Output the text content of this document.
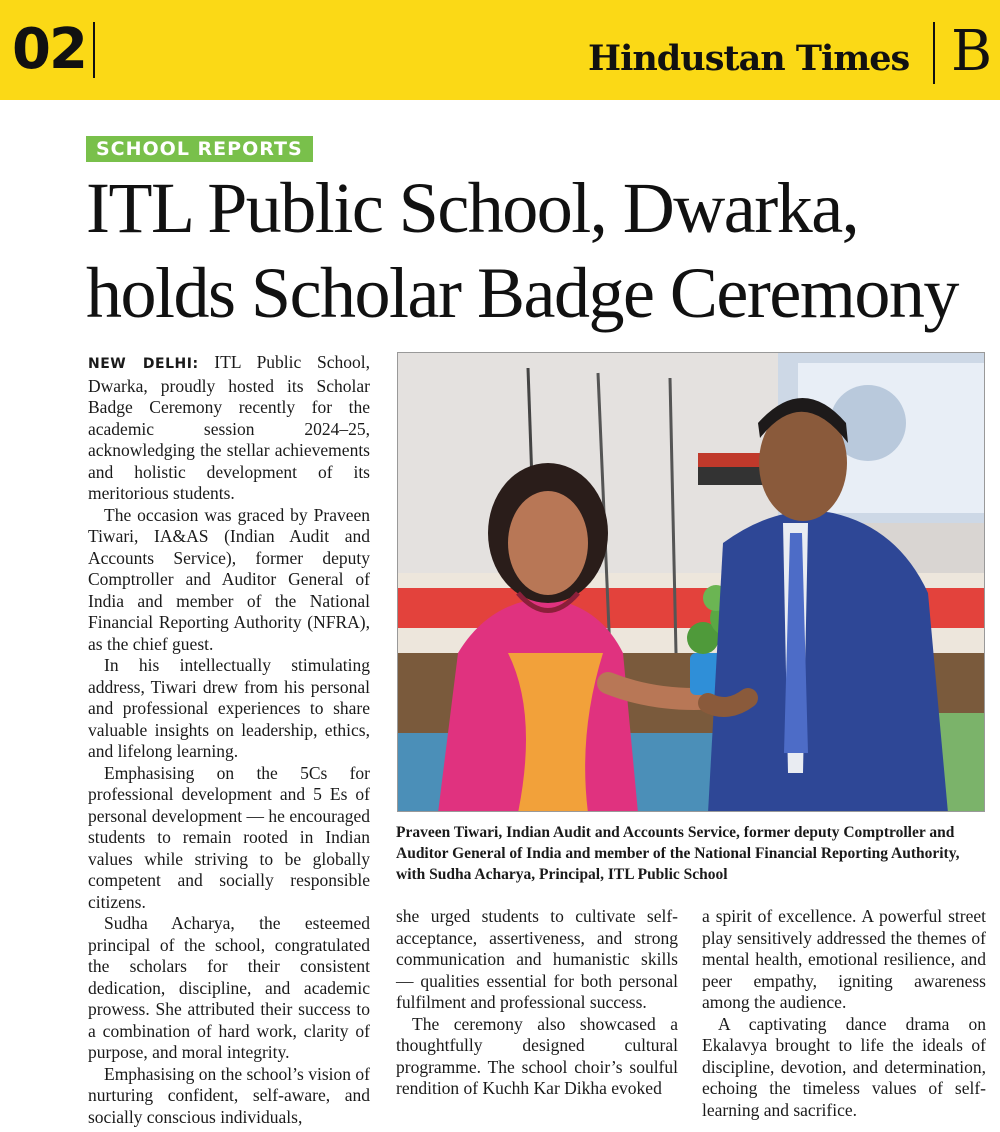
02	Hindustan Times B
SCHOOL REPORTS
ITL Public School, Dwarka, holds Scholar Badge Ceremony

NEW DELHI: ITL Public School, Dwarka, proudly hosted its Scholar Badge Ceremony recently for the academic session 2024–25, acknowledging the stellar achievements and holistic development of its meritorious students.

The occasion was graced by Praveen Tiwari, IA&AS (Indian Audit and Accounts Service), former deputy Comptroller and Auditor General of India and member of the National Financial Reporting Authority (NFRA), as the chief guest.

In his intellectually stimulating address, Tiwari drew from his personal and professional experiences to share valuable insights on leadership, ethics, and lifelong learning.

Emphasising on the 5Cs for professional development and 5 Es of personal development — he encouraged students to remain rooted in Indian values while striving to be globally competent and socially responsible citizens.

Sudha Acharya, the esteemed principal of the school, congratulated the scholars for their consistent dedication, discipline, and academic prowess. She attributed their success to a combination of hard work, clarity of purpose, and moral integrity.

Emphasising on the school’s vision of nurturing confident, self-aware, and socially conscious individuals,

Praveen Tiwari, Indian Audit and Accounts Service, former deputy Comptroller and Auditor General of India and member of the National Financial Reporting Authority, with Sudha Acharya, Principal, ITL Public School

she urged students to cultivate self-acceptance, assertiveness, and strong communication and humanistic skills — qualities essential for both personal fulfilment and professional success.

The ceremony also showcased a thoughtfully designed cultural programme. The school choir’s soulful rendition of Kuchh Kar Dikha evoked

a spirit of excellence. A powerful street play sensitively addressed the themes of mental health, emotional resilience, and peer empathy, igniting awareness among the audience.

A captivating dance drama on Ekalavya brought to life the ideals of discipline, devotion, and determination, echoing the timeless values of self-learning and sacrifice.
